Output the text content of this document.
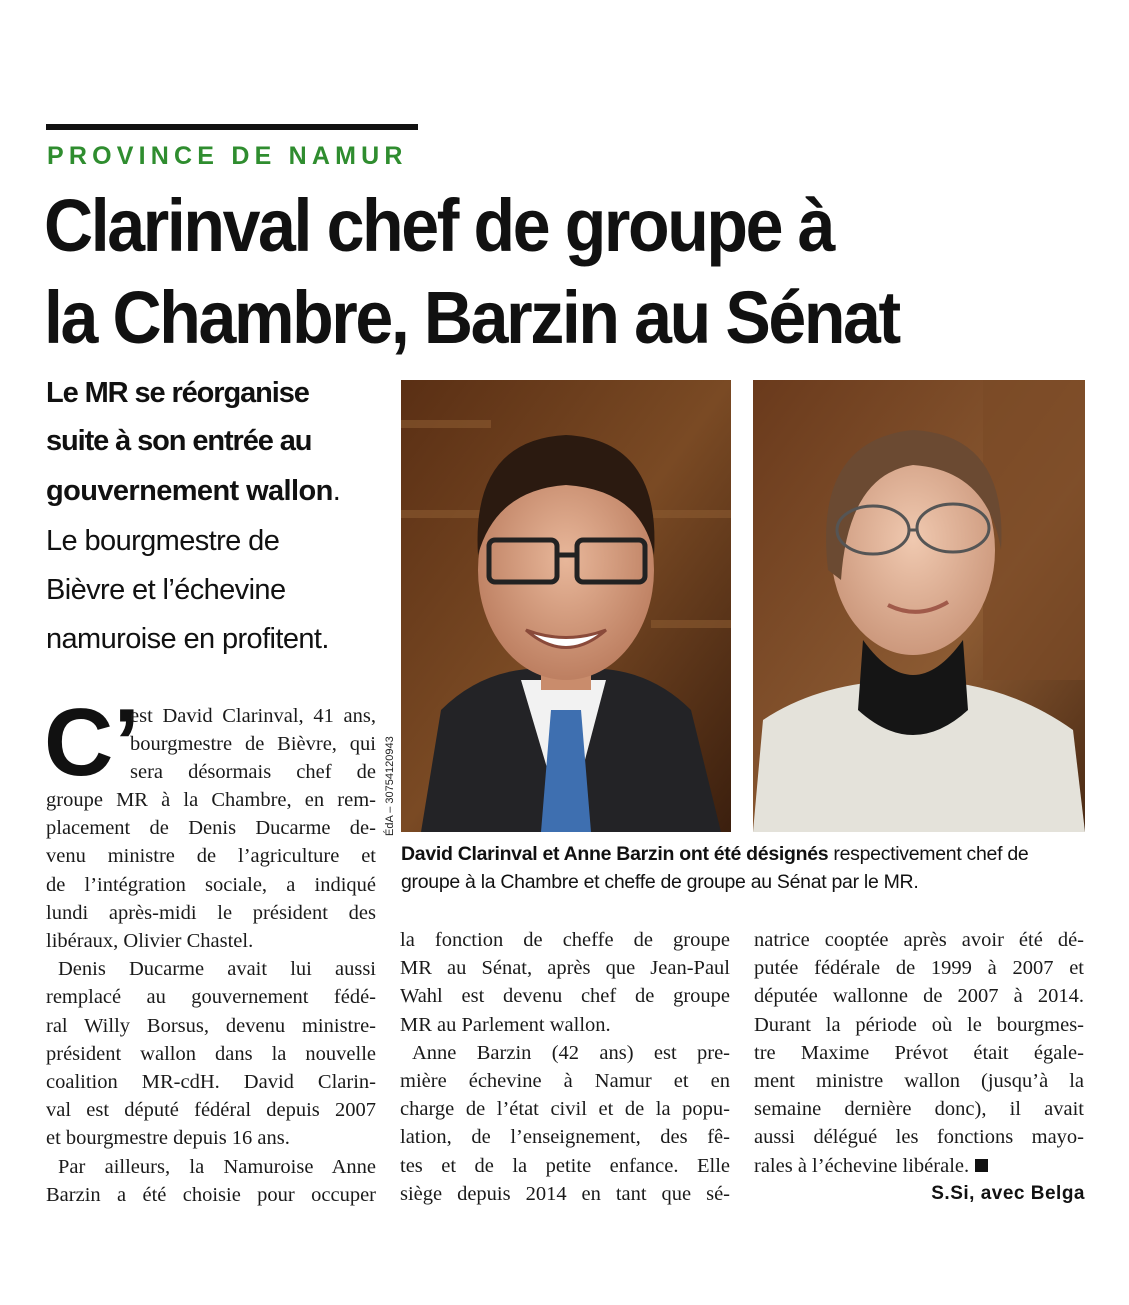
PROVINCE DE NAMUR
Clarinval chef de groupe à
la Chambre, Barzin au Sénat
Le MR se réorganise
suite à son entrée au
gouvernement wallon.
Le bourgmestre de
Bièvre et l’échevine
namuroise en profitent.
ÉdA – 30754120943
David Clarinval et Anne Barzin ont été désignés respectivement chef de
groupe à la Chambre et cheffe de groupe au Sénat par le MR.
C’
est David Clarinval, 41 ans,
bourgmestre de Bièvre, qui
sera désormais chef de
groupe MR à la Chambre, en rem-
placement de Denis Ducarme de-
venu ministre de l’agriculture et
de l’intégration sociale, a indiqué
lundi après-midi le président des
libéraux, Olivier Chastel.
Denis Ducarme avait lui aussi
remplacé au gouvernement fédé-
ral Willy Borsus, devenu ministre-
président wallon dans la nouvelle
coalition MR-cdH. David Clarin-
val est député fédéral depuis 2007
et bourgmestre depuis 16 ans.
Par ailleurs, la Namuroise Anne
Barzin a été choisie pour occuper
la fonction de cheffe de groupe
MR au Sénat, après que Jean-Paul
Wahl est devenu chef de groupe
MR au Parlement wallon.
Anne Barzin (42 ans) est pre-
mière échevine à Namur et en
charge de l’état civil et de la popu-
lation, de l’enseignement, des fê-
tes et de la petite enfance. Elle
siège depuis 2014 en tant que sé-
natrice cooptée après avoir été dé-
putée fédérale de 1999 à 2007 et
députée wallonne de 2007 à 2014.
Durant la période où le bourgmes-
tre Maxime Prévot était égale-
ment ministre wallon (jusqu’à la
semaine dernière donc), il avait
aussi délégué les fonctions mayo-
rales à l’échevine libérale.
S.Si, avec Belga
